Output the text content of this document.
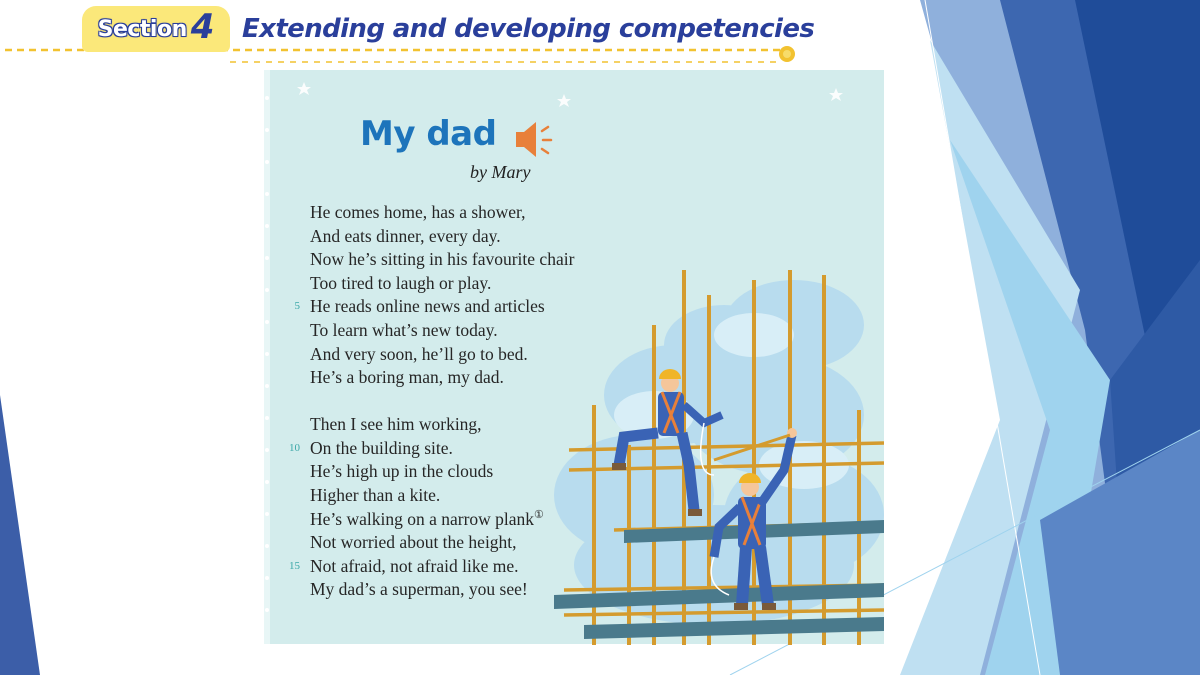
Section 4 Extending and developing competencies
My dad
by Mary
He comes home, has a shower,
And eats dinner, every day.
Now he’s sitting in his favourite chair
Too tired to laugh or play.
5 He reads online news and articles
To learn what’s new today.
And very soon, he’ll go to bed.
He’s a boring man, my dad.
Then I see him working,
10 On the building site.
He’s high up in the clouds
Higher than a kite.
He’s walking on a narrow plank①
Not worried about the height,
15 Not afraid, not afraid like me.
My dad’s a superman, you see!
